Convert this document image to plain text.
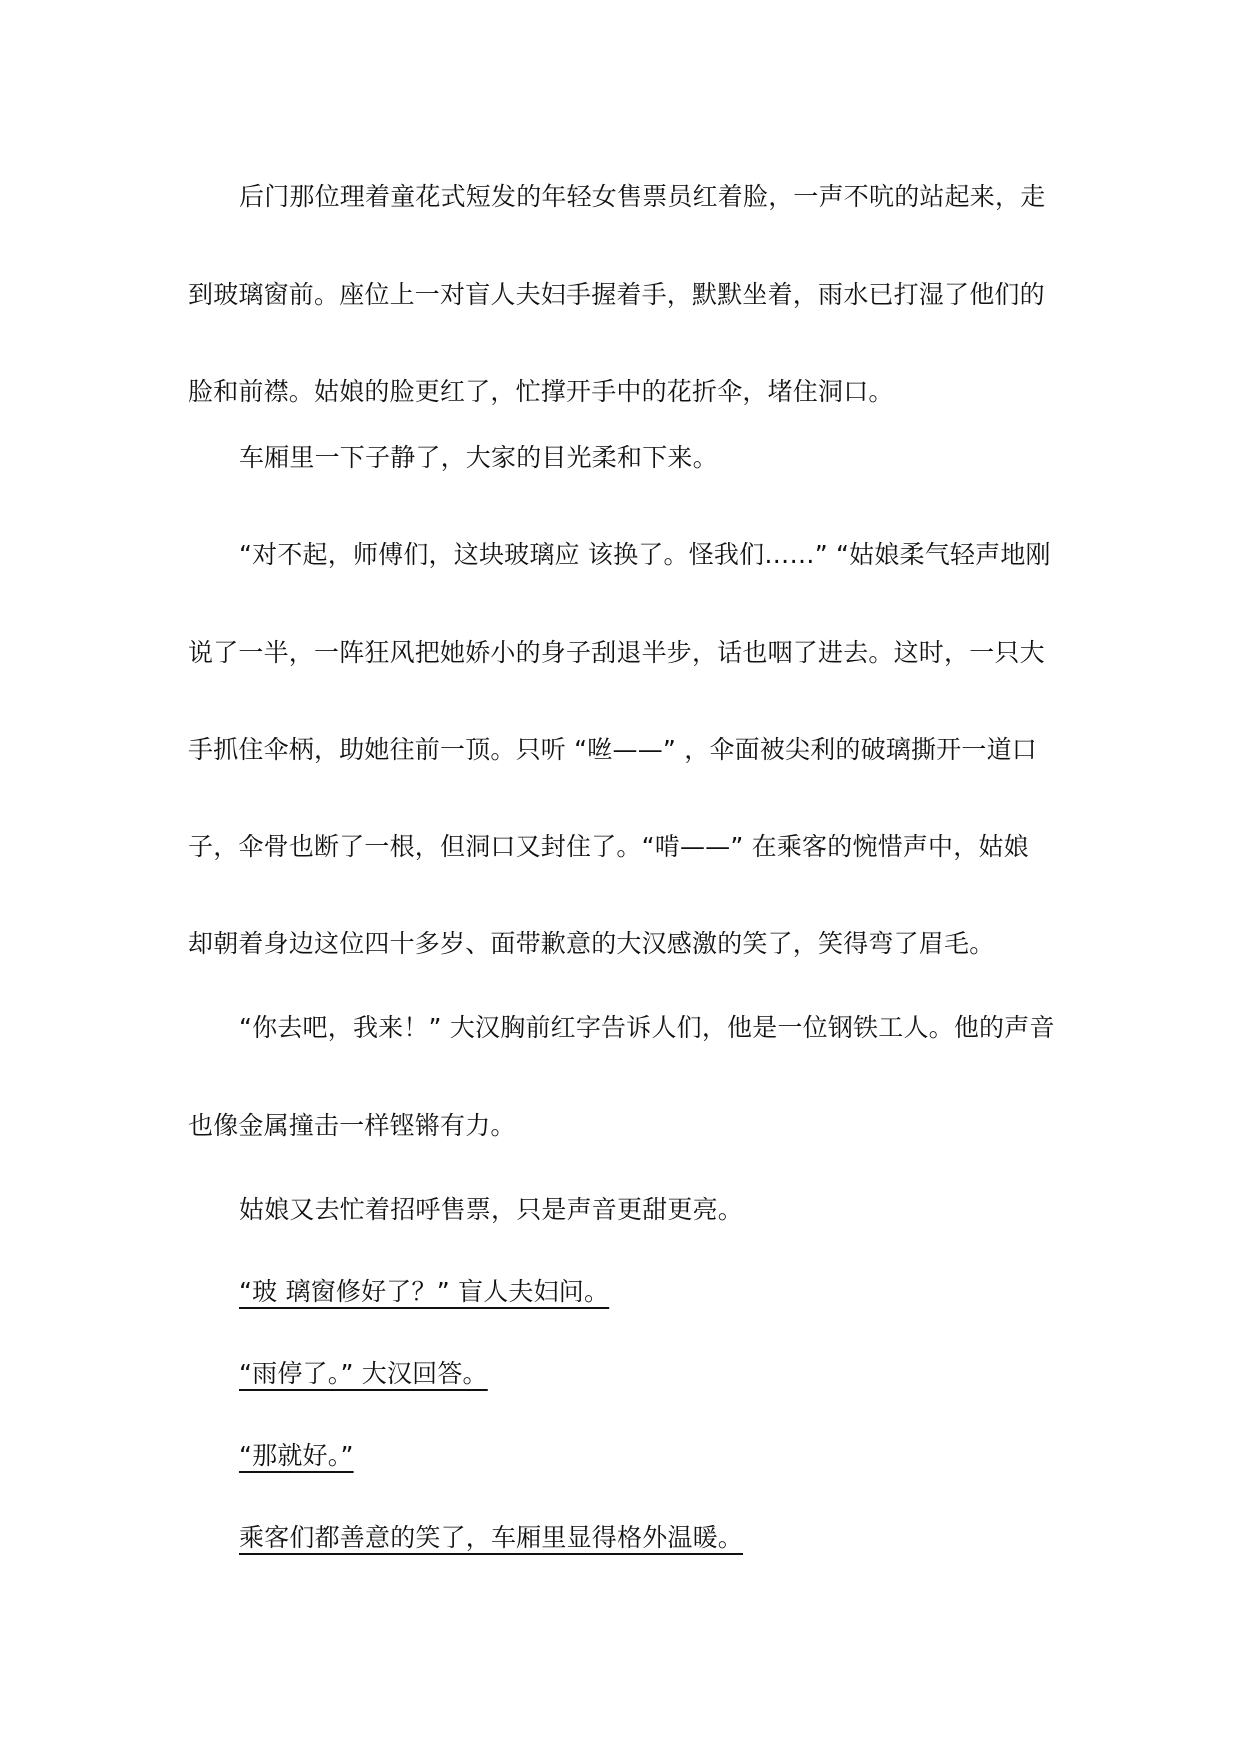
后门那位理着童花式短发的年轻女售票员红着脸，一声不吭的站起来，走
到玻璃窗前。座位上一对盲人夫妇手握着手，默默坐着，雨水已打湿了他们的
脸和前襟。姑娘的脸更红了，忙撑开手中的花折伞，堵住洞口。
车厢里一下子静了，大家的目光柔和下来。
“对不起，师傅们，这块玻璃应 该换了。怪我们……” “姑娘柔气轻声地刚
说了一半，一阵狂风把她娇小的身子刮退半步，话也咽了进去。这时，一只大
手抓住伞柄，助她往前一顶。只听 “咝——” ，伞面被尖利的破璃撕开一道口
子，伞骨也断了一根，但洞口又封住了。“啃——” 在乘客的惋惜声中，姑娘
却朝着身边这位四十多岁、面带歉意的大汉感激的笑了，笑得弯了眉毛。
“你去吧，我来！” 大汉胸前红字告诉人们，他是一位钢铁工人。他的声音
也像金属撞击一样铿锵有力。
姑娘又去忙着招呼售票，只是声音更甜更亮。
“玻 璃窗修好了？” 盲人夫妇问。
“雨停了。” 大汉回答。
“那就好。”
乘客们都善意的笑了，车厢里显得格外温暖。
